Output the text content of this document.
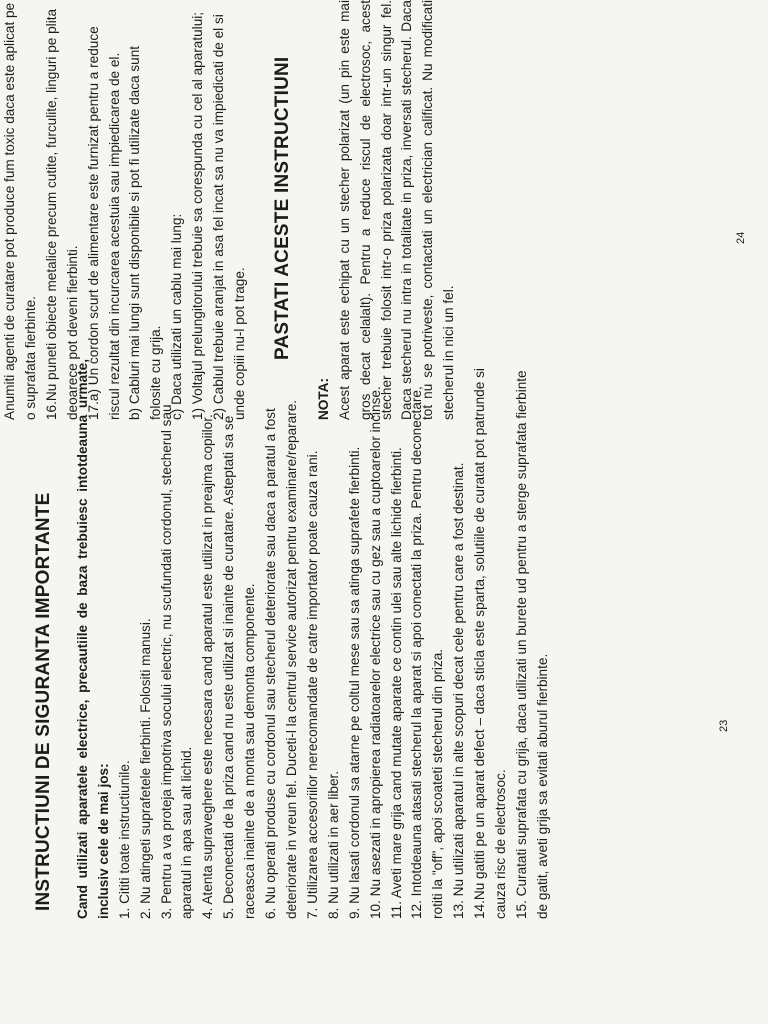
INSTRUCTIUNI DE SIGURANTA IMPORTANTE Cand utilizati aparatele electrice, precautiile de baza trebuiesc intotdeauna urmate, inclusiv cele de mai jos: 1. Cititi toate instructiunile. 2. Nu atingeti suprafetele fierbinti. Folositi manusi. 3. Pentru a va proteja impotriva socului electric, nu scufundati cordonul, stecherul sau aparatul in apa sau alt lichid. 4. Atenta supraveghere este necesara cand aparatul este utilizat in preajma copiilor. 5. Deconectati de la priza cand nu este utilizat si inainte de curatare. Asteptati sa se raceasca inainte de a monta sau demonta componente. 6. Nu operati produse cu cordonul sau stecherul deteriorate sau daca a paratul a fost deteriorate in vreun fel. Duceti-l la centrul service autorizat pentru examinare/reparare. 7. Utilizarea accesoriilor nerecomandate de catre importator poate cauza rani. 8. Nu utilizati in aer liber. 9. Nu lasati cordonul sa atarne pe coltul mese sau sa atinga suprafete fierbinti. 10. Nu asezati in apropierea radiatoarelor electrice sau cu gez sau a cuptoarelor incinse. 11. Aveti mare grija cand mutate aparate ce contin ulei sau alte lichide fierbinti. 12. Intotdeauna atasati stecherul la aparat si apoi conectati la priza. Pentru deconectare, rotiti la "off", apoi scoateti stecherul din priza. 13. Nu utilizati aparatul in alte scopuri decat cele pentru care a fost destinat. 14.Nu gatiti pe un aparat defect – daca sticla este sparta, solutiile de curatat pot patrunde si cauza risc de electrosoc. 15. Curatati suprafata cu grija, daca utilizati un burete ud pentru a sterge suprafata fierbinte de gatit, aveti grija sa evitati aburul fierbinte.	23

Anumiti agenti de curatare pot produce fum toxic daca este aplicat pe o suprafata fierbinte. 16.Nu puneti obiecte metalice precum cutite, furculite, linguri pe plita deoarece pot deveni fierbinti. 17.a) Un cordon scurt de alimentare este furnizat pentru a reduce riscul rezultat din incurcarea acestuia sau impiedicarea de el. b) Cabluri mai lungi sunt disponibile si pot fi utilizate daca sunt folosite cu grija. c) Daca utilizati un cablu mai lung: 1) Voltajul prelungitorului trebuie sa corespunda cu cel al aparatului; 2) Cablul trebuie aranjat in asa fel incat sa nu va impiedicati de el si unde copiii nu-l pot trage. PASTATI ACESTE INSTRUCTIUNI

NOTA: Acest aparat este echipat cu un stecher polarizat (un pin este mai gros decat celalalt). Pentru a reduce riscul de electrosoc, acest stecher trebuie folosit intr-o priza polarizata doar intr-un singur fel. Daca stecherul nu intra in totalitate in priza, inversati stecherul. Daca tot nu se potriveste, contactati un electrician calificat. Nu modificati stecherul in nici un fel.

24
